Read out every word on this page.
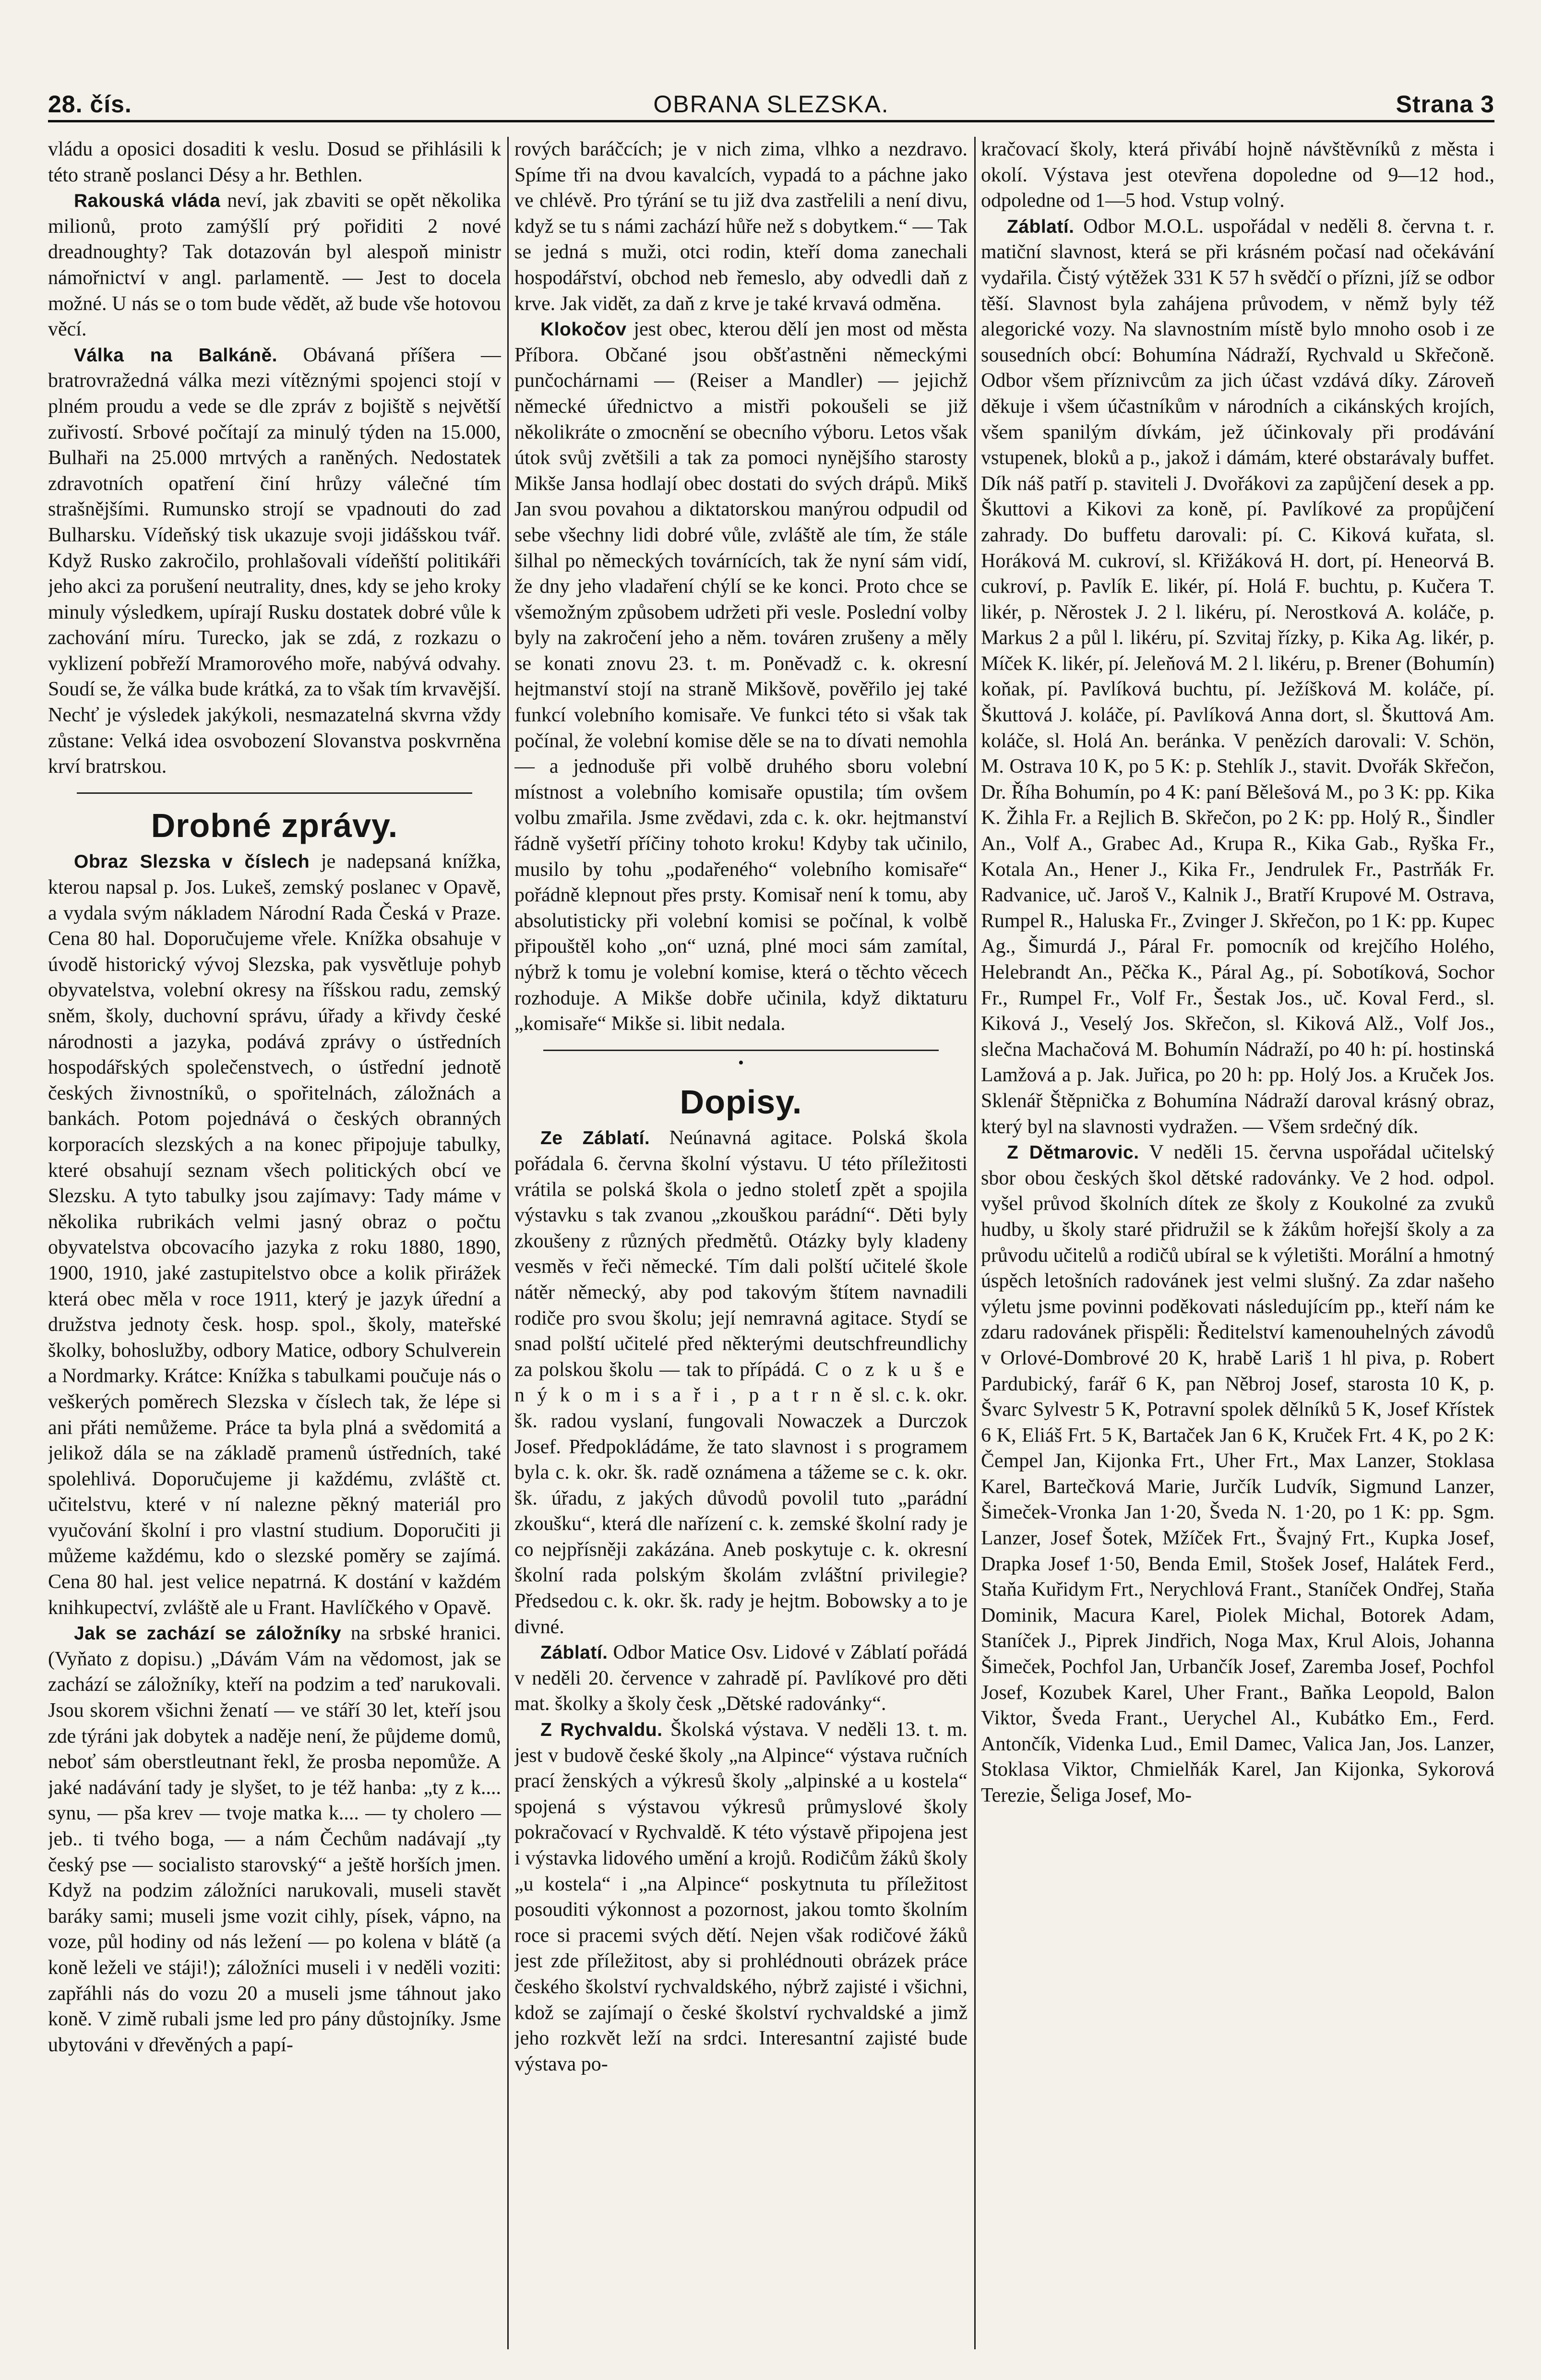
28. čís.	OBRANA SLEZSKA.	Strana 3

vládu a oposici dosaditi k veslu. Dosud se přihlásili k této straně poslanci Désy a hr. Bethlen.

Rakouská vláda neví, jak zbaviti se opět několika milionů, proto zamýšlí prý pořiditi 2 nové dreadnoughty? Tak dotazován byl alespoň ministr námořnictví v angl. parlamentě. — Jest to docela možné. U nás se o tom bude vědět, až bude vše hotovou věcí.

Válka na Balkáně. Obávaná příšera — bratrovražedná válka mezi vítěznými spojenci stojí v plném proudu a vede se dle zpráv z bojiště s největší zuřivostí. Srbové počítají za minulý týden na 15.000, Bulhaři na 25.000 mrtvých a raněných. Nedostatek zdravotních opatření činí hrůzy válečné tím strašnějšími. Rumunsko strojí se vpadnouti do zad Bulharsku. Vídeňský tisk ukazuje svoji jidášskou tvář. Když Rusko zakročilo, prohlašovali vídeňští politikáři jeho akci za porušení neutrality, dnes, kdy se jeho kroky minuly výsledkem, upírají Rusku dostatek dobré vůle k zachování míru. Turecko, jak se zdá, z rozkazu o vyklizení pobřeží Mramorového moře, nabývá odvahy. Soudí se, že válka bude krátká, za to však tím krvavější. Nechť je výsledek jakýkoli, nesmazatelná skvrna vždy zůstane: Velká idea osvobození Slovanstva poskvrněna krví bratrskou.

Drobné zprávy.

Obraz Slezska v číslech je nadepsaná knížka, kterou napsal p. Jos. Lukeš, zemský poslanec v Opavě, a vydala svým nákladem Národní Rada Česká v Praze. Cena 80 hal. Doporučujeme vřele. Knížka obsahuje v úvodě historický vývoj Slezska, pak vysvětluje pohyb obyvatelstva, volební okresy na říšskou radu, zemský sněm, školy, duchovní správu, úřady a křivdy české národnosti a jazyka, podává zprávy o ústředních hospodářských společenstvech, o ústřední jednotě českých živnostníků, o spořitelnách, záložnách a bankách. Potom pojednává o českých obranných korporacích slezských a na konec připojuje tabulky, které obsahují seznam všech politických obcí ve Slezsku. A tyto tabulky jsou zajímavy: Tady máme v několika rubrikách velmi jasný obraz o počtu obyvatelstva obcovacího jazyka z roku 1880, 1890, 1900, 1910, jaké zastupitelstvo obce a kolik přirážek která obec měla v roce 1911, který je jazyk úřední a družstva jednoty česk. hosp. spol., školy, mateřské školky, bohoslužby, odbory Matice, odbory Schulverein a Nordmarky. Krátce: Knížka s tabulkami poučuje nás o veškerých poměrech Slezska v číslech tak, že lépe si ani přáti nemůžeme. Práce ta byla plná a svědomitá a jelikož dála se na základě pramenů ústředních, také spolehlivá. Doporučujeme ji každému, zvláště ct. učitelstvu, které v ní nalezne pěkný materiál pro vyučování školní i pro vlastní studium. Doporučiti ji můžeme každému, kdo o slezské poměry se zajímá. Cena 80 hal. jest velice nepatrná. K dostání v každém knihkupectví, zvláště ale u Frant. Havlíčkého v Opavě.

Jak se zachází se záložníky na srbské hranici. (Vyňato z dopisu.) „Dávám Vám na vědomost, jak se zachází se záložníky, kteří na podzim a teď narukovali. Jsou skorem všichni ženatí — ve stáří 30 let, kteří jsou zde týráni jak dobytek a naděje není, že půjdeme domů, neboť sám oberstleutnant řekl, že prosba nepomůže. A jaké nadávání tady je slyšet, to je též hanba: „ty z k.... synu, — pša krev — tvoje matka k.... — ty cholero — jeb.. ti tvého boga, — a nám Čechům nadávají „ty český pse — socialisto starovský“ a ještě horších jmen. Když na podzim záložníci narukovali, museli stavět baráky sami; museli jsme vozit cihly, písek, vápno, na voze, půl hodiny od nás ležení — po kolena v blátě (a koně leželi ve stáji!); záložníci museli i v neděli voziti: zapřáhli nás do vozu 20 a museli jsme táhnout jako koně. V zimě rubali jsme led pro pány důstojníky. Jsme ubytováni v dřevěných a papí-

rových baráčcích; je v nich zima, vlhko a nezdravo. Spíme tři na dvou kavalcích, vypadá to a páchne jako ve chlévě. Pro týrání se tu již dva zastřelili a není divu, když se tu s námi zachází hůře než s dobytkem.“ — Tak se jedná s muži, otci rodin, kteří doma zanechali hospodářství, obchod neb řemeslo, aby odvedli daň z krve. Jak vidět, za daň z krve je také krvavá odměna.

Klokočov jest obec, kterou dělí jen most od města Příbora. Občané jsou obšťastněni německými punčochárnami — (Reiser a Mandler) — jejichž německé úřednictvo a mistři pokoušeli se již několikráte o zmocnění se obecního výboru. Letos však útok svůj zvětšili a tak za pomoci nynějšího starosty Mikše Jansa hodlají obec dostati do svých drápů. Mikš Jan svou povahou a diktatorskou manýrou odpudil od sebe všechny lidi dobré vůle, zvláště ale tím, že stále šilhal po německých továrnících, tak že nyní sám vidí, že dny jeho vladaření chýlí se ke konci. Proto chce se všemožným způsobem udržeti při vesle. Poslední volby byly na zakročení jeho a něm. továren zrušeny a měly se konati znovu 23. t. m. Poněvadž c. k. okresní hejtmanství stojí na straně Mikšově, pověřilo jej také funkcí volebního komisaře. Ve funkci této si však tak počínal, že volební komise děle se na to dívati nemohla — a jednoduše při volbě druhého sboru volební místnost a volebního komisaře opustila; tím ovšem volbu zmařila. Jsme zvědavi, zda c. k. okr. hejtmanství řádně vyšetří příčiny tohoto kroku! Kdyby tak učinilo, musilo by tohu „podařeného“ volebního komisaře“ pořádně klepnout přes prsty. Komisař není k tomu, aby absolutisticky při volební komisi se počínal, k volbě připouštěl koho „on“ uzná, plné moci sám zamítal, nýbrž k tomu je volební komise, která o těchto věcech rozhoduje. A Mikše dobře učinila, když diktaturu „komisaře“ Mikše si. libit nedala.

•
Dopisy.

Ze Záblatí. Neúnavná agitace. Polská škola pořádala 6. června školní výstavu. U této příležitosti vrátila se polská škola o jedno stoletÍ zpět a spojila výstavku s tak zvanou „zkouškou parádní“. Děti byly zkoušeny z různých předmětů. Otázky byly kladeny vesměs v řeči německé. Tím dali polští učitelé škole nátěr německý, aby pod takovým štítem navnadili rodiče pro svou školu; její nemravná agitace. Stydí se snad polští učitelé před některými deutschfreundlichy za polskou školu — tak to přípádá. C o z k u š e n ý k o m i s a ř i , p a t r n ě sl. c. k. okr. šk. radou vyslaní, fungovali Nowaczek a Durczok Josef. Předpokládáme, že tato slavnost i s programem byla c. k. okr. šk. radě oznámena a tážeme se c. k. okr. šk. úřadu, z jakých důvodů povolil tuto „parádní zkoušku“, která dle nařízení c. k. zemské školní rady je co nejpřísněji zakázána. Aneb poskytuje c. k. okresní školní rada polským školám zvláštní privilegie? Předsedou c. k. okr. šk. rady je hejtm. Bobowsky a to je divné.

Záblatí. Odbor Matice Osv. Lidové v Záblatí pořádá v neděli 20. července v zahradě pí. Pavlíkové pro děti mat. školky a školy česk „Dětské radovánky“.

Z Rychvaldu. Školská výstava. V neděli 13. t. m. jest v budově české školy „na Alpince“ výstava ručních prací ženských a výkresů školy „alpinské a u kostela“ spojená s výstavou výkresů průmyslové školy pokračovací v Rychvaldě. K této výstavě připojena jest i výstavka lidového umění a krojů. Rodičům žáků školy „u kostela“ i „na Alpince“ poskytnuta tu příležitost posouditi výkonnost a pozornost, jakou tomto školním roce si pracemi svých dětí. Nejen však rodičové žáků jest zde příležitost, aby si prohlédnouti obrázek práce českého školství rychvaldského, nýbrž zajisté i všichni, kdož se zajímají o české školství rychvaldské a jimž jeho rozkvět leží na srdci. Interesantní zajisté bude výstava po-

kračovací školy, která přivábí hojně návštěvníků z města i okolí. Výstava jest otevřena dopoledne od 9—12 hod., odpoledne od 1—5 hod. Vstup volný.

Záblatí. Odbor M.O.L. uspořádal v neděli 8. června t. r. matiční slavnost, která se při krásném počasí nad očekávání vydařila. Čistý výtěžek 331 K 57 h svědčí o přízni, jíž se odbor těší. Slavnost byla zahájena průvodem, v němž byly též alegorické vozy. Na slavnostním místě bylo mnoho osob i ze sousedních obcí: Bohumína Nádraží, Rychvald u Skřečoně. Odbor všem příznivcům za jich účast vzdává díky. Zároveň děkuje i všem účastníkům v národních a cikánských krojích, všem spanilým dívkám, jež účinkovaly při prodávání vstupenek, bloků a p., jakož i dámám, které obstarávaly buffet. Dík náš patří p. staviteli J. Dvořákovi za zapůjčení desek a pp. Škuttovi a Kikovi za koně, pí. Pavlíkové za propůjčení zahrady. Do buffetu darovali: pí. C. Kiková kuřata, sl. Horáková M. cukroví, sl. Křižáková H. dort, pí. Heneorvá B. cukroví, p. Pavlík E. likér, pí. Holá F. buchtu, p. Kučera T. likér, p. Něrostek J. 2 l. likéru, pí. Nerostková A. koláče, p. Markus 2 a půl l. likéru, pí. Szvitaj řízky, p. Kika Ag. likér, p. Míček K. likér, pí. Jeleňová M. 2 l. likéru, p. Brener (Bohumín) koňak, pí. Pavlíková buchtu, pí. Ježíšková M. koláče, pí. Škuttová J. koláče, pí. Pavlíková Anna dort, sl. Škuttová Am. koláče, sl. Holá An. beránka. V penězích darovali: V. Schön, M. Ostrava 10 K, po 5 K: p. Stehlík J., stavit. Dvořák Skřečon, Dr. Říha Bohumín, po 4 K: paní Bělešová M., po 3 K: pp. Kika K. Žihla Fr. a Rejlich B. Skřečon, po 2 K: pp. Holý R., Šindler An., Volf A., Grabec Ad., Krupa R., Kika Gab., Ryška Fr., Kotala An., Hener J., Kika Fr., Jendrulek Fr., Pastrňák Fr. Radvanice, uč. Jaroš V., Kalnik J., Bratří Krupové M. Ostrava, Rumpel R., Haluska Fr., Zvinger J. Skřečon, po 1 K: pp. Kupec Ag., Šimurdá J., Páral Fr. pomocník od krejčího Holého, Helebrandt An., Pěčka K., Páral Ag., pí. Sobotíková, Sochor Fr., Rumpel Fr., Volf Fr., Šestak Jos., uč. Koval Ferd., sl. Kiková J., Veselý Jos. Skřečon, sl. Kiková Alž., Volf Jos., slečna Machačová M. Bohumín Nádraží, po 40 h: pí. hostinská Lamžová a p. Jak. Juřica, po 20 h: pp. Holý Jos. a Kruček Jos. Sklenář Štěpnička z Bohumína Nádraží daroval krásný obraz, který byl na slavnosti vydražen. — Všem srdečný dík.

Z Dětmarovic. V neděli 15. června uspořádal učitelský sbor obou českých škol dětské radovánky. Ve 2 hod. odpol. vyšel průvod školních dítek ze školy z Koukolné za zvuků hudby, u školy staré přidružil se k žákům hořejší školy a za průvodu učitelů a rodičů ubíral se k výletišti. Morální a hmotný úspěch letošních radovánek jest velmi slušný. Za zdar našeho výletu jsme povinni poděkovati následujícím pp., kteří nám ke zdaru radovánek přispěli: Ředitelství kamenouhelných závodů v Orlové-Dombrové 20 K, hrabě Lariš 1 hl piva, p. Robert Pardubický, farář 6 K, pan Něbroj Josef, starosta 10 K, p. Švarc Sylvestr 5 K, Potravní spolek dělníků 5 K, Josef Křístek 6 K, Eliáš Frt. 5 K, Bartaček Jan 6 K, Kruček Frt. 4 K, po 2 K: Čempel Jan, Kijonka Frt., Uher Frt., Max Lanzer, Stoklasa Karel, Bartečková Marie, Jurčík Ludvík, Sigmund Lanzer, Šimeček-Vronka Jan 1·20, Šveda N. 1·20, po 1 K: pp. Sgm. Lanzer, Josef Šotek, Mžíček Frt., Švajný Frt., Kupka Josef, Drapka Josef 1·50, Benda Emil, Stošek Josef, Halátek Ferd., Staňa Kuřidym Frt., Nerychlová Frant., Staníček Ondřej, Staňa Dominik, Macura Karel, Piolek Michal, Botorek Adam, Staníček J., Piprek Jindřich, Noga Max, Krul Alois, Johanna Šimeček, Pochfol Jan, Urbančík Josef, Zaremba Josef, Pochfol Josef, Kozubek Karel, Uher Frant., Baňka Leopold, Balon Viktor, Šveda Frant., Uerychel Al., Kubátko Em., Ferd. Antončík, Videnka Lud., Emil Damec, Valica Jan, Jos. Lanzer, Stoklasa Viktor, Chmielňák Karel, Jan Kijonka, Sykorová Terezie, Šeliga Josef, Mo-
